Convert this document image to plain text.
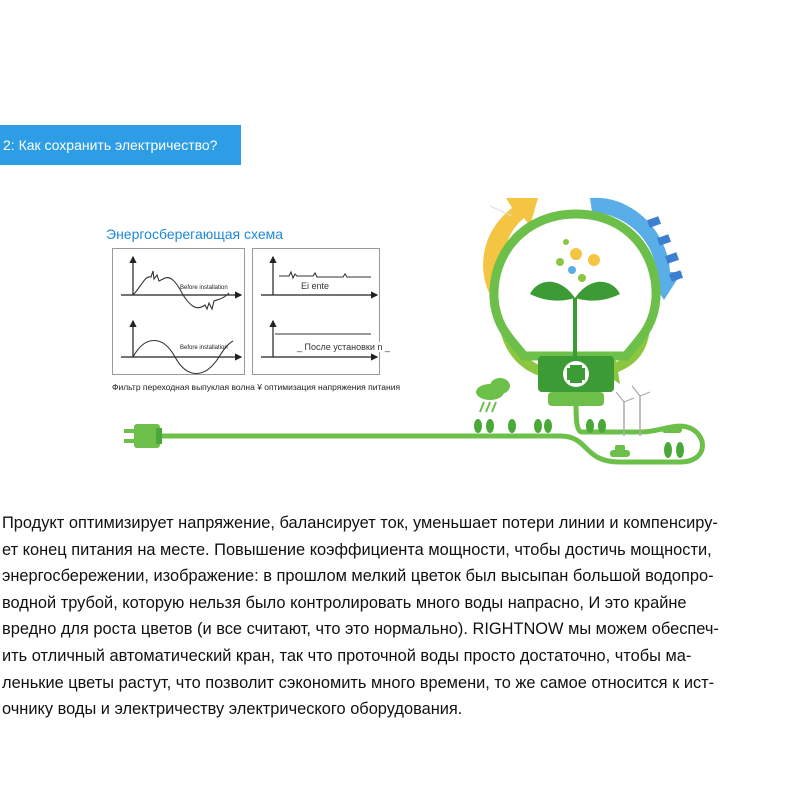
2: Как сохранить электричество?
Энергосберегающая схема
Before installation
Before installation
Ei ente
_ После установки n _
Фильтр переходная выпуклая волна ¥ оптимизация напряжения питания

Продукт оптимизирует напряжение, балансирует ток, уменьшает потери линии и компенсиру-

ет конец питания на месте. Повышение коэффициента мощности, чтобы достичь мощности,

энергосбережении, изображение: в прошлом мелкий цветок был высыпан большой водопро-

водной трубой, которую нельзя было контролировать много воды напрасно, И это крайне

вредно для роста цветов (и все считают, что это нормально). RIGHTNOW мы можем обеспеч-

ить отличный автоматический кран, так что проточной воды просто достаточно, чтобы ма-

ленькие цветы растут, что позволит сэкономить много времени, то же самое относится к ист-

очнику воды и электричеству электрического оборудования.
